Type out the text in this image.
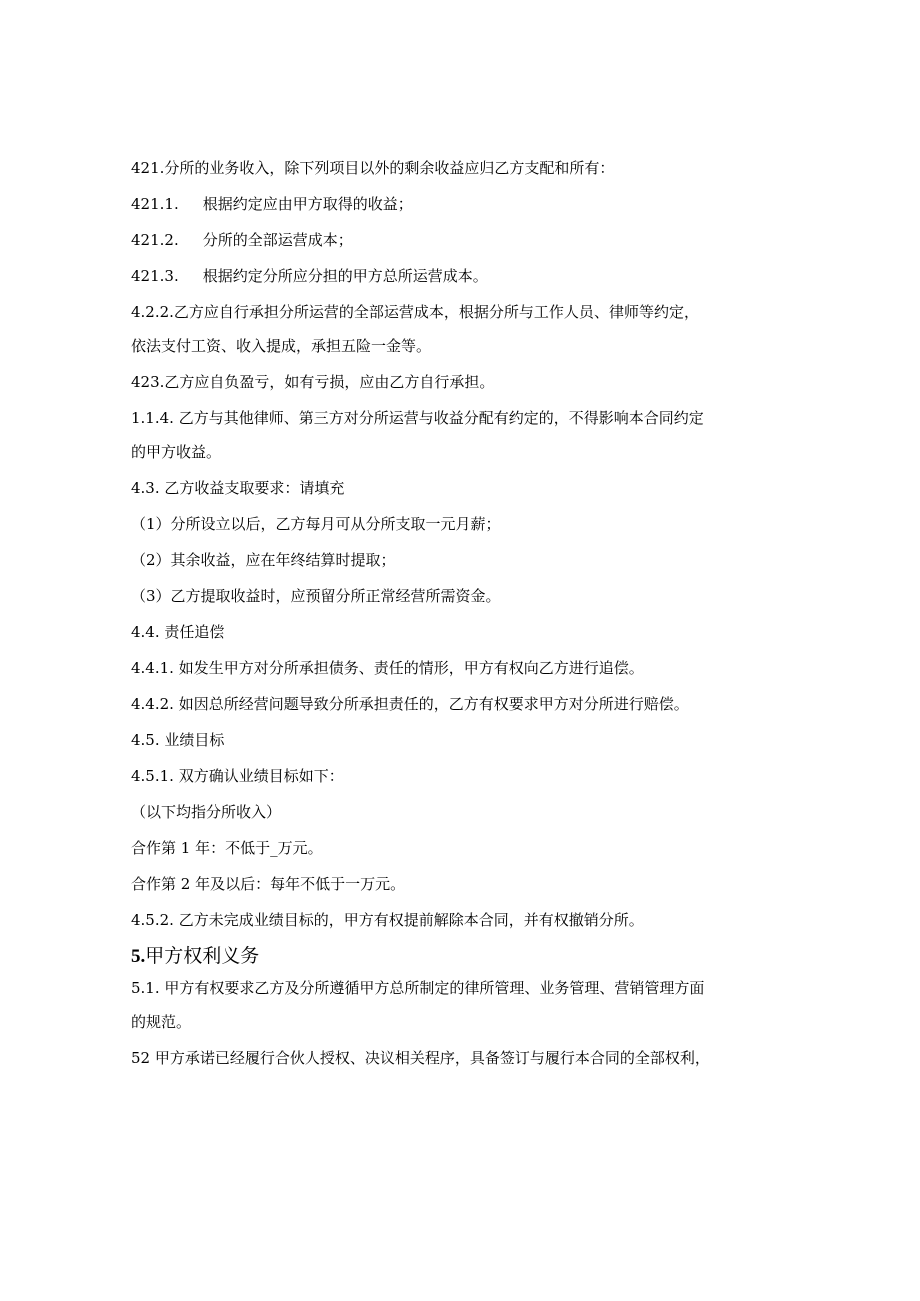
421.分所的业务收入，除下列项目以外的剩余收益应归乙方支配和所有：

421.1. 根据约定应由甲方取得的收益；

421.2. 分所的全部运营成本；

421.3. 根据约定分所应分担的甲方总所运营成本。

4.2.2.乙方应自行承担分所运营的全部运营成本，根据分所与工作人员、律师等约定，

依法支付工资、收入提成，承担五险一金等。

423.乙方应自负盈亏，如有亏损，应由乙方自行承担。

1.1.4. 乙方与其他律师、第三方对分所运营与收益分配有约定的，不得影响本合同约定

的甲方收益。

4.3. 乙方收益支取要求：请填充

（1）分所设立以后，乙方每月可从分所支取一元月薪；

（2）其余收益，应在年终结算时提取；

（3）乙方提取收益时，应预留分所正常经营所需资金。

4.4. 责任追偿

4.4.1. 如发生甲方对分所承担债务、责任的情形，甲方有权向乙方进行追偿。

4.4.2. 如因总所经营问题导致分所承担责任的，乙方有权要求甲方对分所进行赔偿。

4.5. 业绩目标

4.5.1. 双方确认业绩目标如下：

（以下均指分所收入）

合作第 1 年：不低于_万元。

合作第 2 年及以后：每年不低于一万元。

4.5.2. 乙方未完成业绩目标的，甲方有权提前解除本合同，并有权撤销分所。

5.甲方权利义务

5.1. 甲方有权要求乙方及分所遵循甲方总所制定的律所管理、业务管理、营销管理方面

的规范。

52 甲方承诺已经履行合伙人授权、决议相关程序，具备签订与履行本合同的全部权利，
